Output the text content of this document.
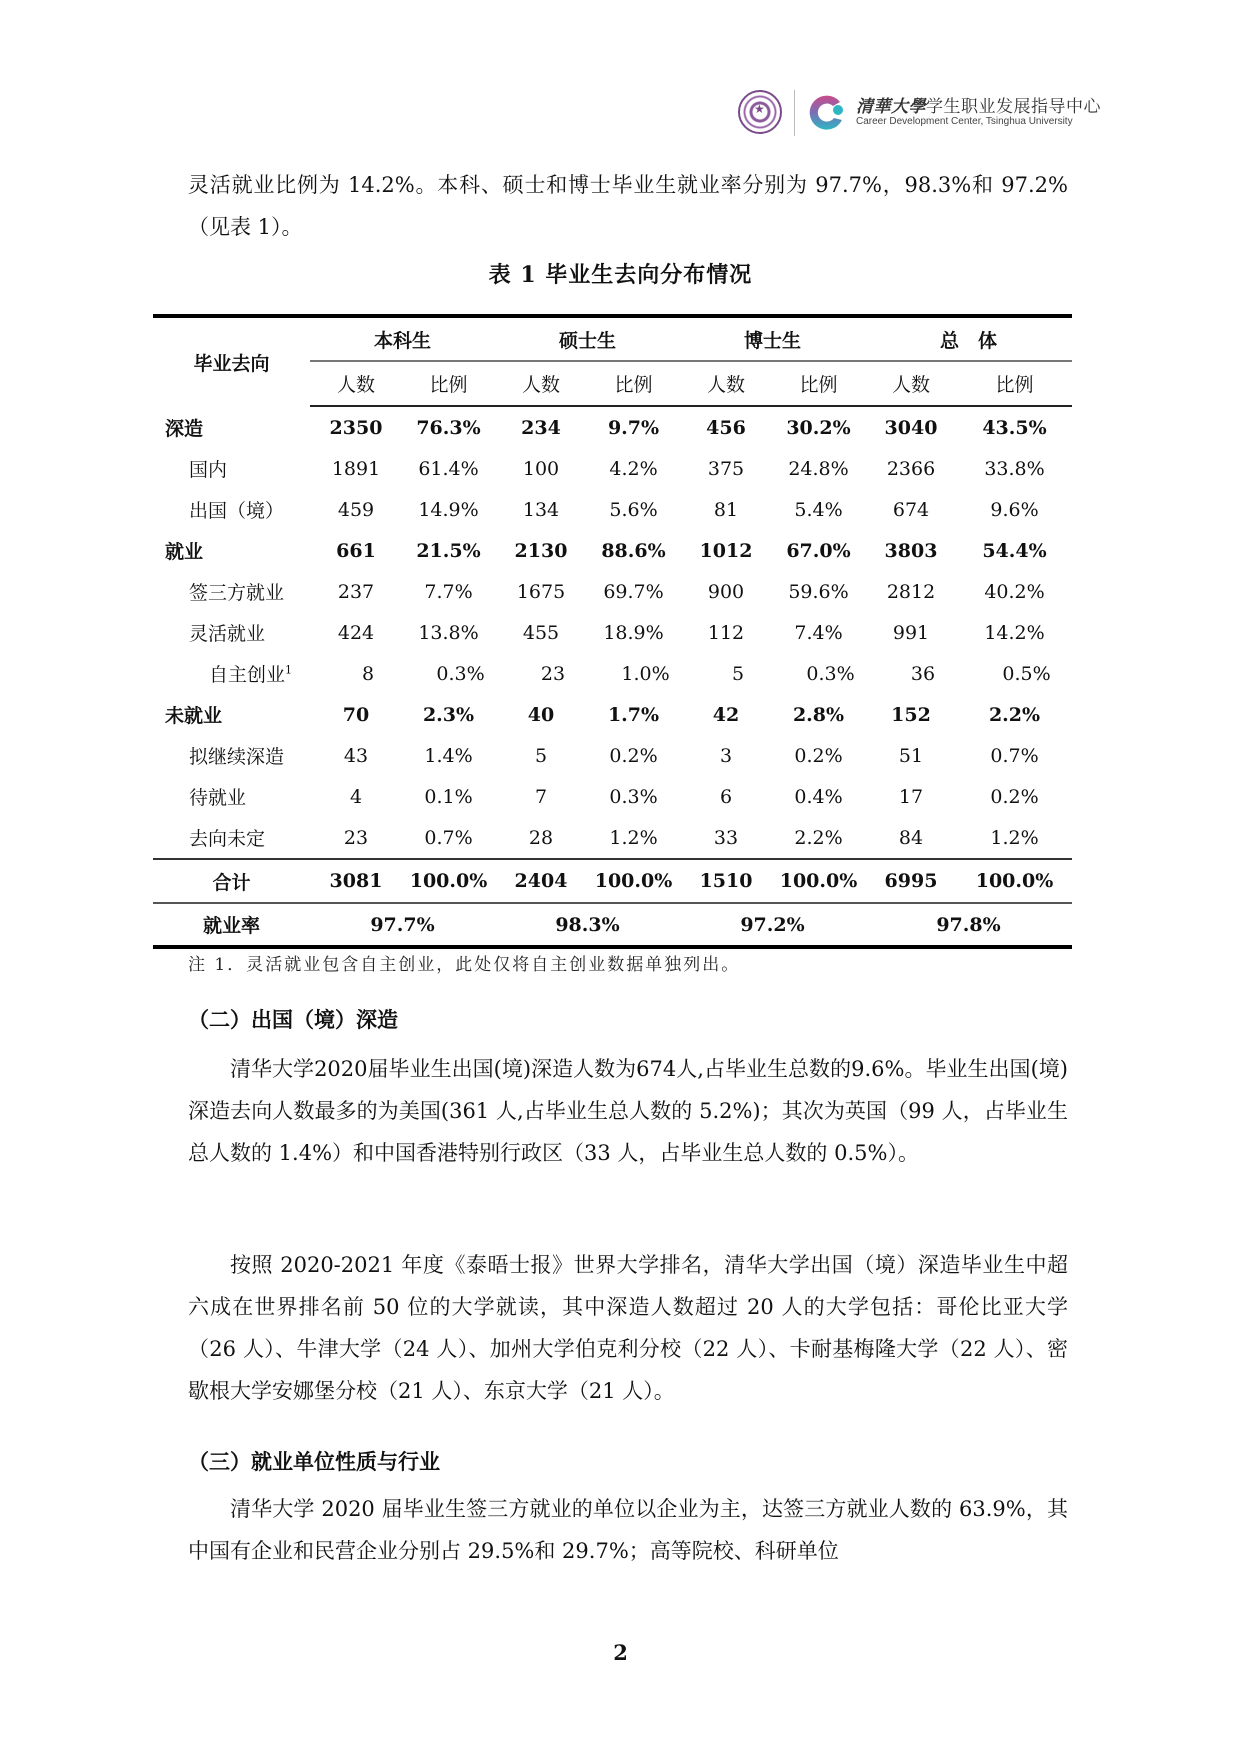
★
清華大學学生职业发展指导中心
Career Development Center, Tsinghua University
灵活就业比例为 14.2%。本科、硕士和博士毕业生就业率分别为 97.7%，98.3%和 97.2%（见表 1）。
表 1 毕业生去向分布情况
毕业去向	本科生		硕士生		博士生		总　体	
	人数	比例	人数	比例	人数	比例	人数	比例
深造	2350	76.3%	234	9.7%	456	30.2%	3040	43.5%
国内	1891	61.4%	100	4.2%	375	24.8%	2366	33.8%
出国（境）	459	14.9%	134	5.6%	81	5.4%	674	9.6%
就业	661	21.5%	2130	88.6%	1012	67.0%	3803	54.4%
签三方就业	237	7.7%	1675	69.7%	900	59.6%	2812	40.2%
灵活就业	424	13.8%	455	18.9%	112	7.4%	991	14.2%
自主创业$^1$	8	0.3%	23	1.0%	5	0.3%	36	0.5%
未就业	70	2.3%	40	1.7%	42	2.8%	152	2.2%
拟继续深造	43	1.4%	5	0.2%	3	0.2%	51	0.7%
待就业	4	0.1%	7	0.3%	6	0.4%	17	0.2%
去向未定	23	0.7%	28	1.2%	33	2.2%	84	1.2%
合计	3081	100.0%	2404	100.0%	1510	100.0%	6995	100.0%
就业率	97.7%		98.3%		97.2%		97.8%	
注 1．灵活就业包含自主创业，此处仅将自主创业数据单独列出。
（二）出国（境）深造
清华大学2020届毕业生出国(境)深造人数为674人,占毕业生总数的9.6%。毕业生出国(境)深造去向人数最多的为美国(361 人,占毕业生总人数的 5.2%)；其次为英国（99 人，占毕业生总人数的 1.4%）和中国香港特别行政区（33 人，占毕业生总人数的 0.5%）。
按照 2020-2021 年度《泰晤士报》世界大学排名，清华大学出国（境）深造毕业生中超六成在世界排名前 50 位的大学就读，其中深造人数超过 20 人的大学包括：哥伦比亚大学（26 人）、牛津大学（24 人）、加州大学伯克利分校（22 人）、卡耐基梅隆大学（22 人）、密歇根大学安娜堡分校（21 人）、东京大学（21 人）。
（三）就业单位性质与行业
清华大学 2020 届毕业生签三方就业的单位以企业为主，达签三方就业人数的 63.9%，其中国有企业和民营企业分别占 29.5%和 29.7%；高等院校、科研单位
2
